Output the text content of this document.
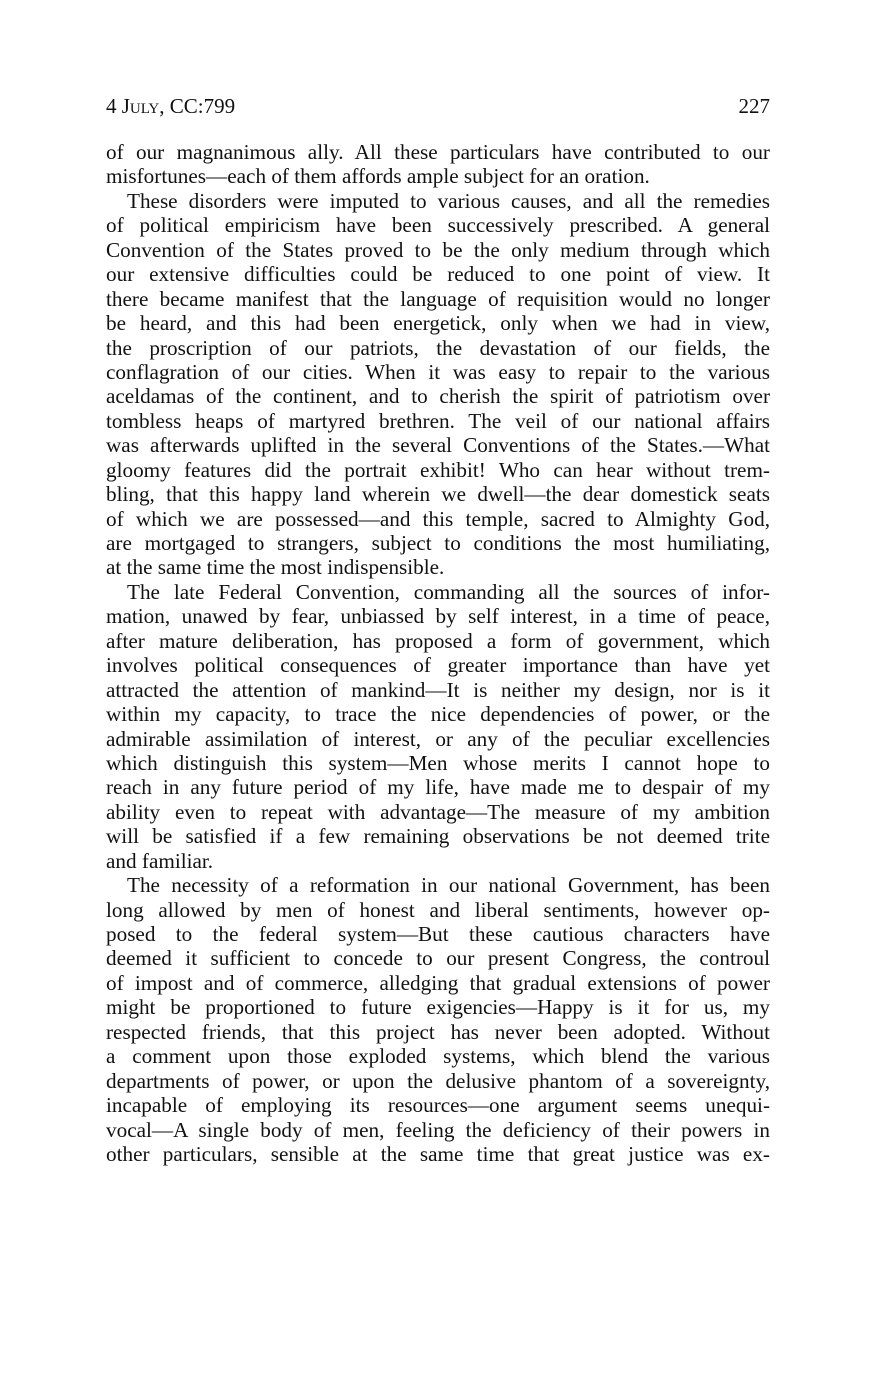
4 July, CC:799	227
of our magnanimous ally. All these particulars have contributed to our
misfortunes—each of them affords ample subject for an oration.
These disorders were imputed to various causes, and all the remedies
of political empiricism have been successively prescribed. A general
Convention of the States proved to be the only medium through which
our extensive difficulties could be reduced to one point of view. It
there became manifest that the language of requisition would no longer
be heard, and this had been energetick, only when we had in view,
the proscription of our patriots, the devastation of our fields, the
conflagration of our cities. When it was easy to repair to the various
aceldamas of the continent, and to cherish the spirit of patriotism over
tombless heaps of martyred brethren. The veil of our national affairs
was afterwards uplifted in the several Conventions of the States.—What
gloomy features did the portrait exhibit! Who can hear without trem-
bling, that this happy land wherein we dwell—the dear domestick seats
of which we are possessed—and this temple, sacred to Almighty God,
are mortgaged to strangers, subject to conditions the most humiliating,
at the same time the most indispensible.
The late Federal Convention, commanding all the sources of infor-
mation, unawed by fear, unbiassed by self interest, in a time of peace,
after mature deliberation, has proposed a form of government, which
involves political consequences of greater importance than have yet
attracted the attention of mankind—It is neither my design, nor is it
within my capacity, to trace the nice dependencies of power, or the
admirable assimilation of interest, or any of the peculiar excellencies
which distinguish this system—Men whose merits I cannot hope to
reach in any future period of my life, have made me to despair of my
ability even to repeat with advantage—The measure of my ambition
will be satisfied if a few remaining observations be not deemed trite
and familiar.
The necessity of a reformation in our national Government, has been
long allowed by men of honest and liberal sentiments, however op-
posed to the federal system—But these cautious characters have
deemed it sufficient to concede to our present Congress, the controul
of impost and of commerce, alledging that gradual extensions of power
might be proportioned to future exigencies—Happy is it for us, my
respected friends, that this project has never been adopted. Without
a comment upon those exploded systems, which blend the various
departments of power, or upon the delusive phantom of a sovereignty,
incapable of employing its resources—one argument seems unequi-
vocal—A single body of men, feeling the deficiency of their powers in
other particulars, sensible at the same time that great justice was ex-
